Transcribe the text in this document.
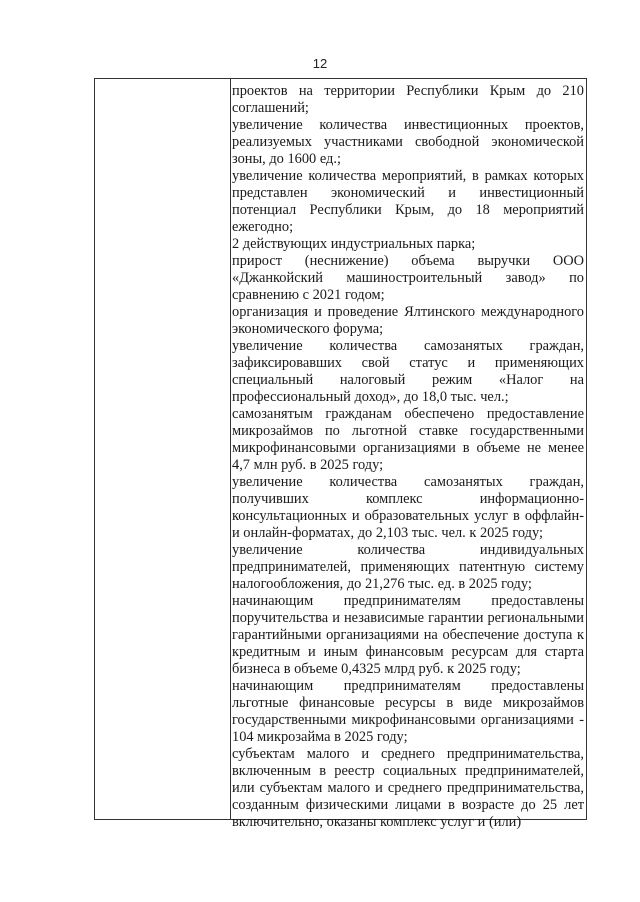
12

проектов на территории Республики Крым до 210 соглашений;

увеличение количества инвестиционных проектов, реализуемых участниками свободной экономической зоны, до 1600 ед.;

увеличение количества мероприятий, в рамках которых представлен экономический и инвестиционный потенциал Республики Крым, до 18 мероприятий ежегодно;

2 действующих индустриальных парка;

прирост (неснижение) объема выручки ООО «Джанкойский машиностроительный завод» по сравнению с 2021 годом;

организация и проведение Ялтинского международного экономического форума;

увеличение количества самозанятых граждан, зафиксировавших свой статус и применяющих специальный налоговый режим «Налог на профессиональный доход», до 18,0 тыс. чел.;

самозанятым гражданам обеспечено предоставление микрозаймов по льготной ставке государственными микрофинансовыми организациями в объеме не менее 4,7 млн руб. в 2025 году;

увеличение количества самозанятых граждан, получивших комплекс информационно-консультационных и образовательных услуг в оффлайн- и онлайн-форматах, до 2,103 тыс. чел. к 2025 году;

увеличение количества индивидуальных предпринимателей, применяющих патентную систему налогообложения, до 21,276 тыс. ед. в 2025 году;

начинающим предпринимателям предоставлены поручительства и независимые гарантии региональными гарантийными организациями на обеспечение доступа к кредитным и иным финансовым ресурсам для старта бизнеса в объеме 0,4325 млрд руб. к 2025 году;

начинающим предпринимателям предоставлены льготные финансовые ресурсы в виде микрозаймов государственными микрофинансовыми организациями - 104 микрозайма в 2025 году;

субъектам малого и среднего предпринимательства, включенным в реестр социальных предпринимателей, или субъектам малого и среднего предпринимательства, созданным физическими лицами в возрасте до 25 лет включительно, оказаны комплекс услуг и (или)
